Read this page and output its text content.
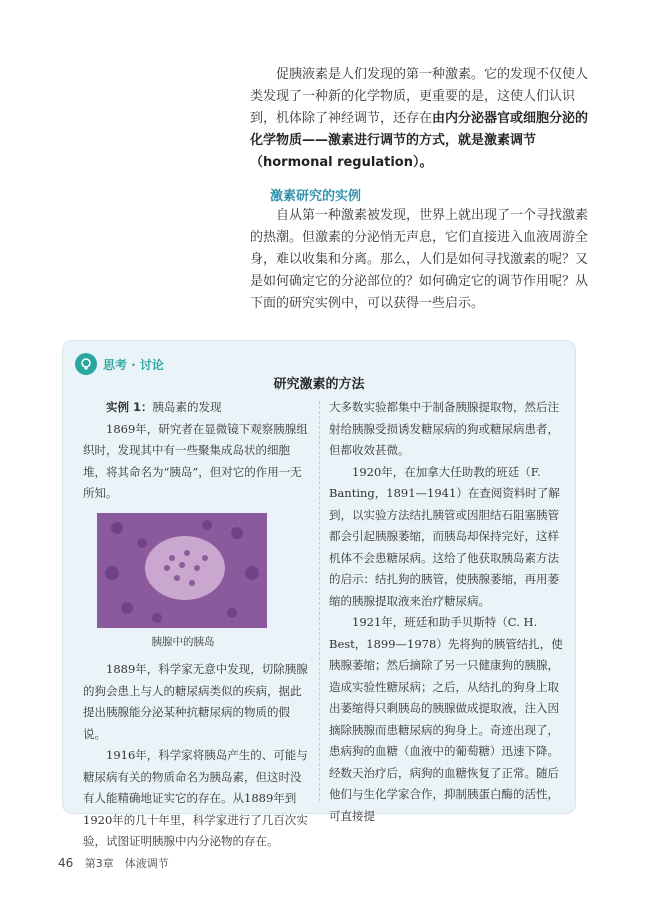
促胰液素是人们发现的第一种激素。它的发现不仅使人类发现了一种新的化学物质，更重要的是，这使人们认识到，机体除了神经调节，还存在由内分泌器官或细胞分泌的化学物质——激素进行调节的方式，就是激素调节（hormonal regulation）。

激素研究的实例
自从第一种激素被发现，世界上就出现了一个寻找激素的热潮。但激素的分泌悄无声息，它们直接进入血液周游全身，难以收集和分离。那么，人们是如何寻找激素的呢？又是如何确定它的分泌部位的？如何确定它的调节作用呢？从下面的研究实例中，可以获得一些启示。
思考 · 讨论
研究激素的方法

实例 1：胰岛素的发现

1869年，研究者在显微镜下观察胰腺组织时，发现其中有一些聚集成岛状的细胞堆，将其命名为“胰岛”，但对它的作用一无所知。

胰腺中的胰岛

1889年，科学家无意中发现，切除胰腺的狗会患上与人的糖尿病类似的疾病，据此提出胰腺能分泌某种抗糖尿病的物质的假说。

1916年，科学家将胰岛产生的、可能与糖尿病有关的物质命名为胰岛素，但这时没有人能精确地证实它的存在。从1889年到1920年的几十年里，科学家进行了几百次实验，试图证明胰腺中内分泌物的存在。

大多数实验都集中于制备胰腺提取物，然后注射给胰腺受损诱发糖尿病的狗或糖尿病患者，但都收效甚微。

1920年，在加拿大任助教的班廷（F. Banting，1891—1941）在查阅资料时了解到，以实验方法结扎胰管或因胆结石阻塞胰管都会引起胰腺萎缩，而胰岛却保持完好，这样机体不会患糖尿病。这给了他获取胰岛素方法的启示：结扎狗的胰管，使胰腺萎缩，再用萎缩的胰腺提取液来治疗糖尿病。

1921年，班廷和助手贝斯特（C. H. Best，1899—1978）先将狗的胰管结扎，使胰腺萎缩；然后摘除了另一只健康狗的胰腺，造成实验性糖尿病；之后，从结扎的狗身上取出萎缩得只剩胰岛的胰腺做成提取液，注入因摘除胰腺而患糖尿病的狗身上。奇迹出现了，患病狗的血糖（血液中的葡萄糖）迅速下降。经数天治疗后，病狗的血糖恢复了正常。随后他们与生化学家合作，抑制胰蛋白酶的活性，可直接提

46 第3章　体液调节
